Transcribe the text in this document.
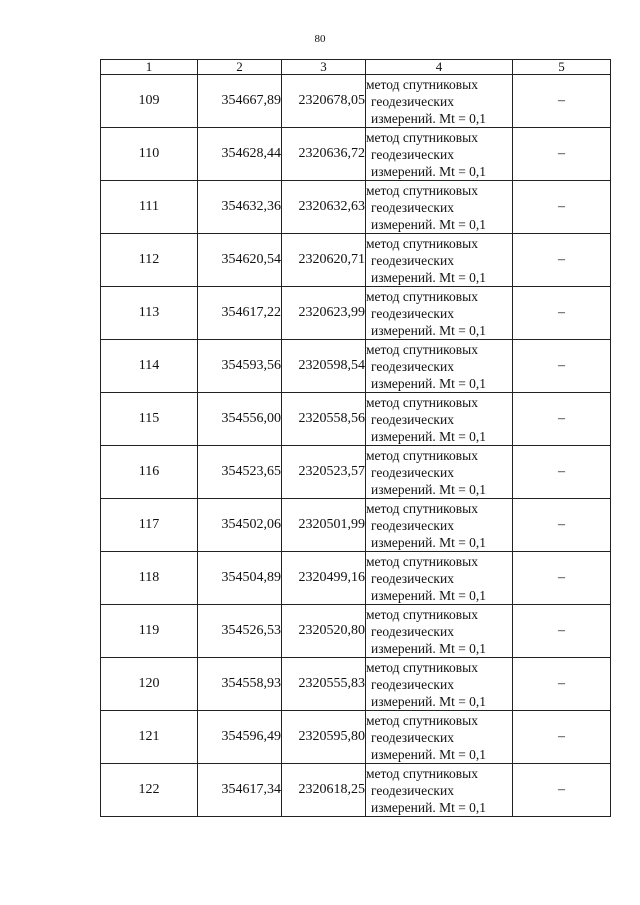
80
1	2	3	4	5
109	354667,89	2320678,05	метод спутниковых
геодезических
измерений. Mt = 0,1	–
110	354628,44	2320636,72	метод спутниковых
геодезических
измерений. Mt = 0,1	–
111	354632,36	2320632,63	метод спутниковых
геодезических
измерений. Mt = 0,1	–
112	354620,54	2320620,71	метод спутниковых
геодезических
измерений. Mt = 0,1	–
113	354617,22	2320623,99	метод спутниковых
геодезических
измерений. Mt = 0,1	–
114	354593,56	2320598,54	метод спутниковых
геодезических
измерений. Mt = 0,1	–
115	354556,00	2320558,56	метод спутниковых
геодезических
измерений. Mt = 0,1	–
116	354523,65	2320523,57	метод спутниковых
геодезических
измерений. Mt = 0,1	–
117	354502,06	2320501,99	метод спутниковых
геодезических
измерений. Mt = 0,1	–
118	354504,89	2320499,16	метод спутниковых
геодезических
измерений. Mt = 0,1	–
119	354526,53	2320520,80	метод спутниковых
геодезических
измерений. Mt = 0,1	–
120	354558,93	2320555,83	метод спутниковых
геодезических
измерений. Mt = 0,1	–
121	354596,49	2320595,80	метод спутниковых
геодезических
измерений. Mt = 0,1	–
122	354617,34	2320618,25	метод спутниковых
геодезических
измерений. Mt = 0,1	–
